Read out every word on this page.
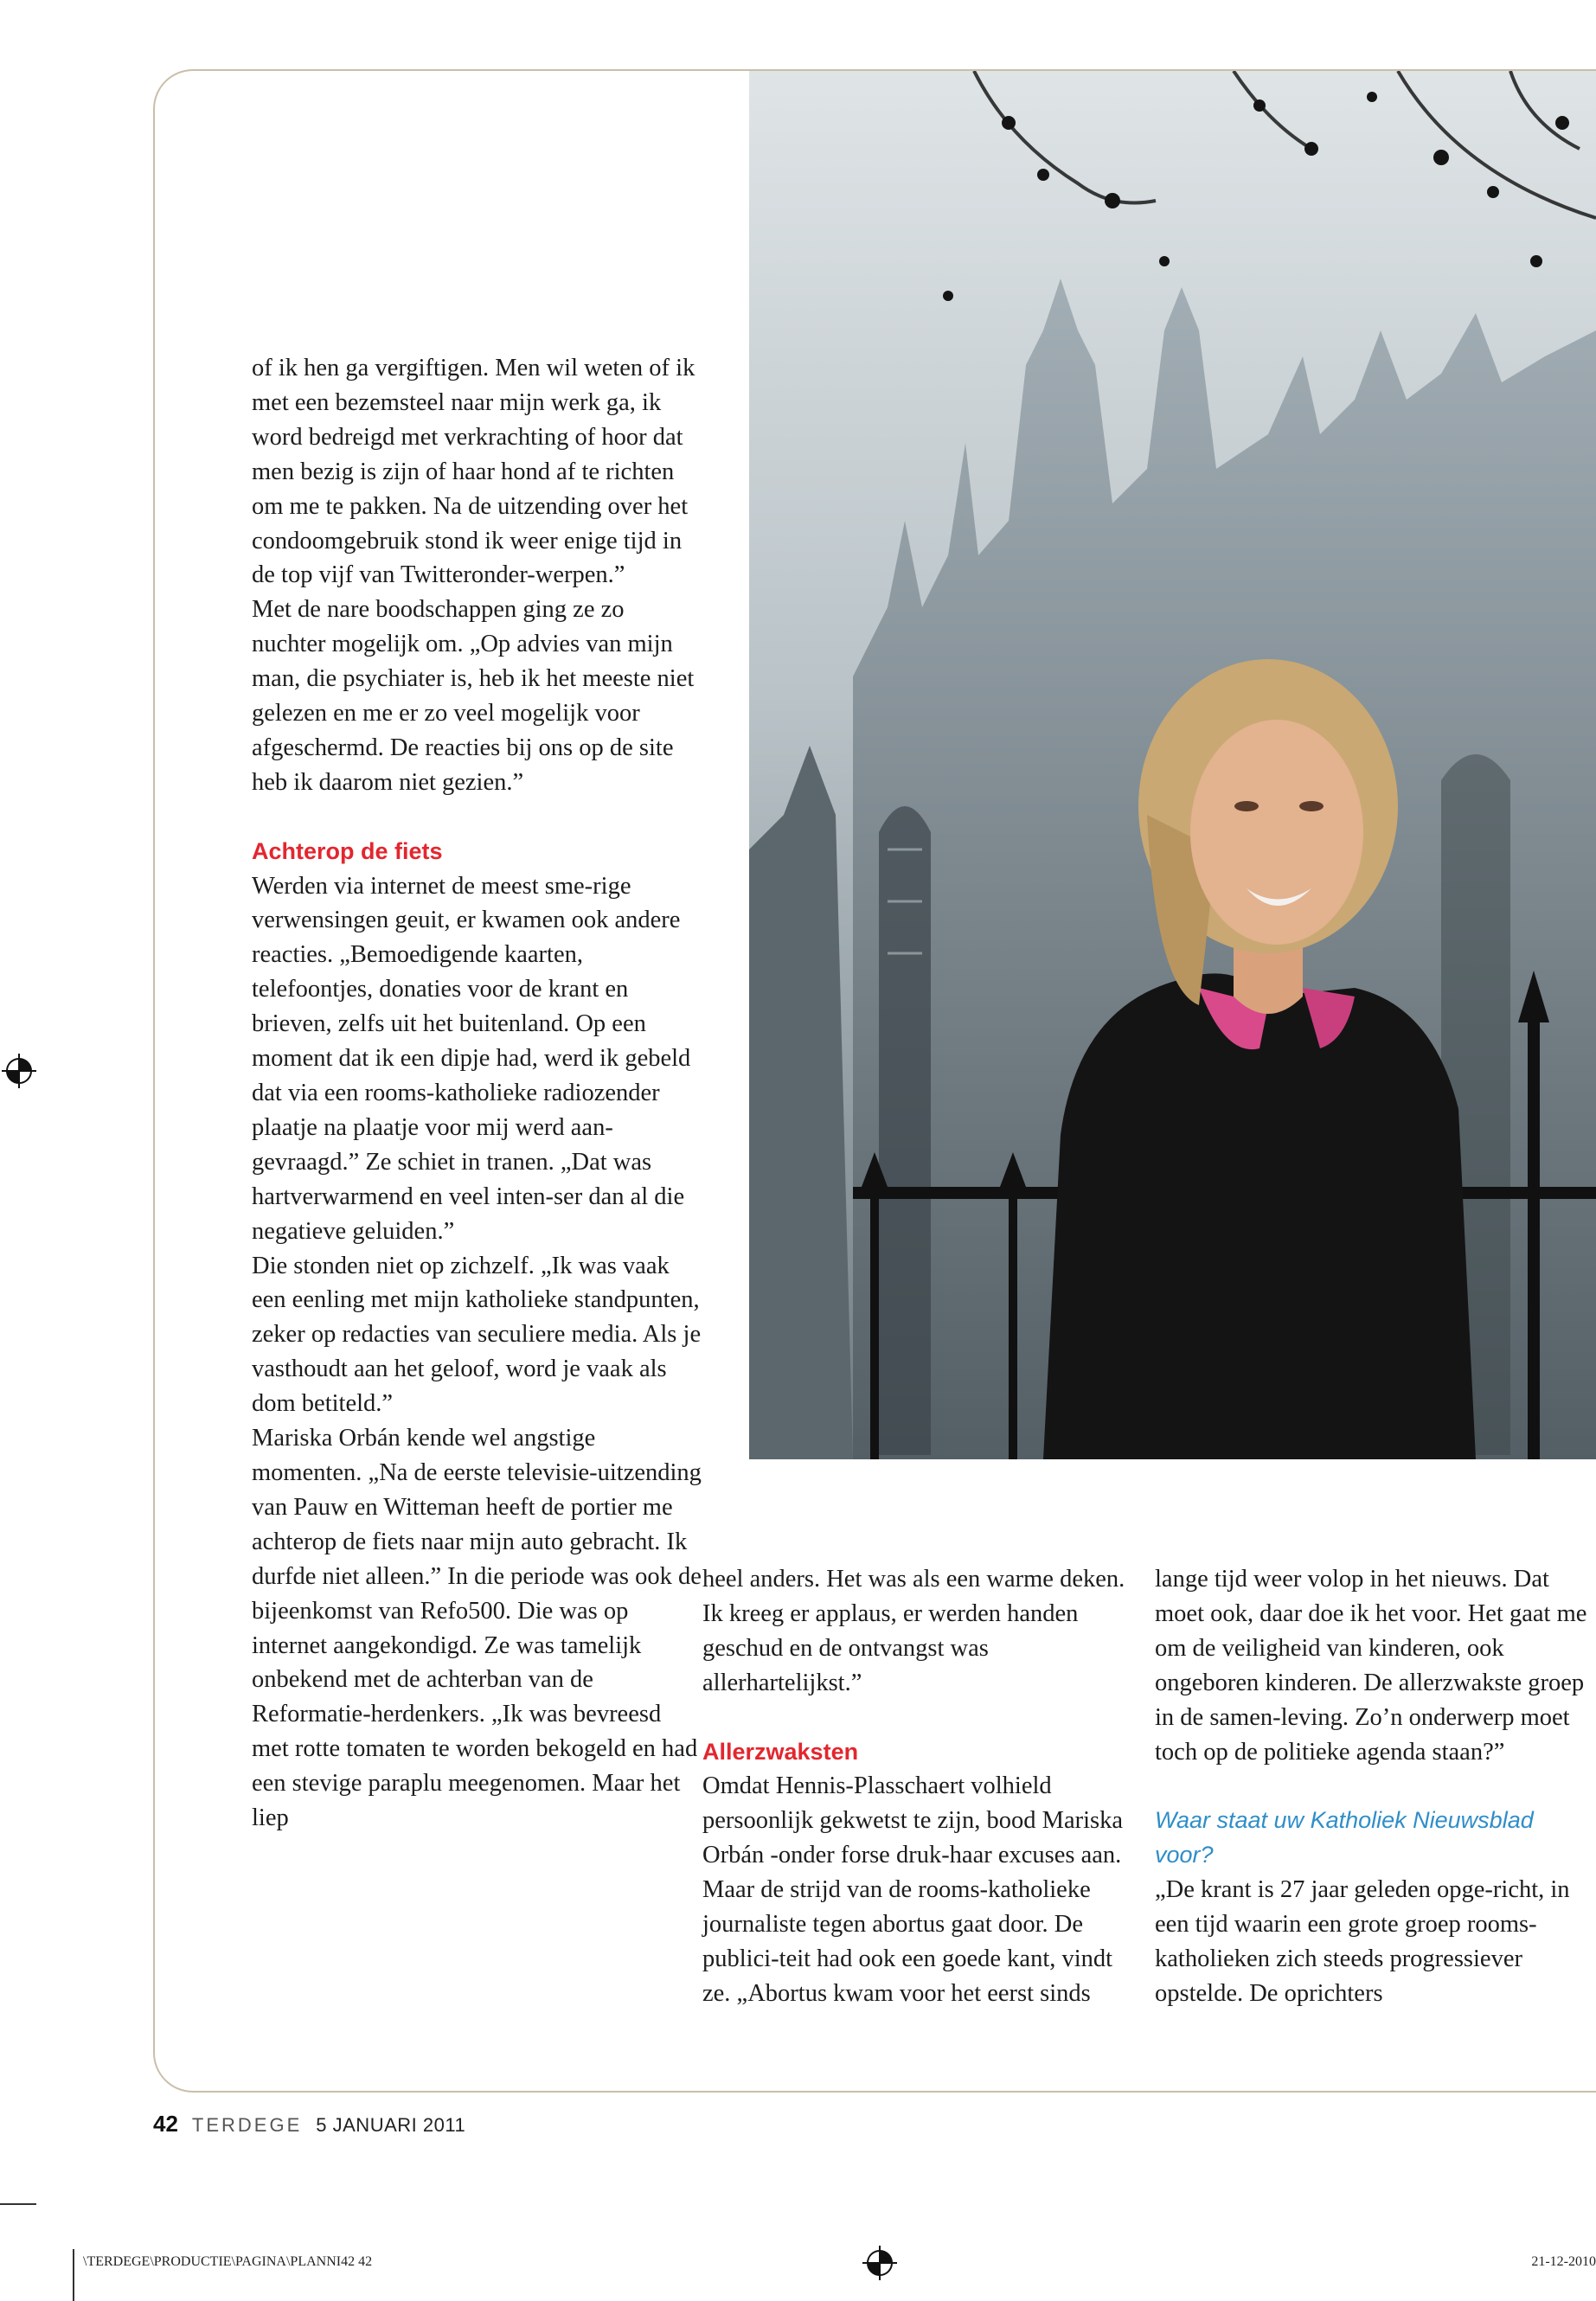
of ik hen ga vergiftigen. Men wil weten of ik met een bezemsteel naar mijn werk ga, ik word bedreigd met verkrachting of hoor dat men bezig is zijn of haar hond af te richten om me te pakken. Na de uitzending over het condoomgebruik stond ik weer enige tijd in de top vijf van Twitteronder-werpen.”

Met de nare boodschappen ging ze zo nuchter mogelijk om. „Op advies van mijn man, die psychiater is, heb ik het meeste niet gelezen en me er zo veel mogelijk voor afgeschermd. De reacties bij ons op de site heb ik daarom niet gezien.”

Achterop de fiets

Werden via internet de meest sme-rige verwensingen geuit, er kwamen ook andere reacties. „Bemoedigende kaarten, telefoontjes, donaties voor de krant en brieven, zelfs uit het buitenland. Op een moment dat ik een dipje had, werd ik gebeld dat via een rooms-katholieke radiozender plaatje na plaatje voor mij werd aan-gevraagd.” Ze schiet in tranen. „Dat was hartverwarmend en veel inten-ser dan al die negatieve geluiden.”

Die stonden niet op zichzelf. „Ik was vaak een eenling met mijn katholieke standpunten, zeker op redacties van seculiere media. Als je vasthoudt aan het geloof, word je vaak als dom betiteld.”

Mariska Orbán kende wel angstige momenten. „Na de eerste televisie-uitzending van Pauw en Witteman heeft de portier me achterop de fiets naar mijn auto gebracht. Ik durfde niet alleen.” In die periode was ook de bijeenkomst van Refo500. Die was op internet aangekondigd. Ze was tamelijk onbekend met de achterban van de Reformatie-herdenkers. „Ik was bevreesd met rotte tomaten te worden bekogeld en had een stevige paraplu meegenomen. Maar het liep

heel anders. Het was als een warme deken. Ik kreeg er applaus, er werden handen geschud en de ontvangst was allerhartelijkst.”

Allerzwaksten

Omdat Hennis-Plasschaert volhield persoonlijk gekwetst te zijn, bood Mariska Orbán -onder forse druk-haar excuses aan. Maar de strijd van de rooms-katholieke journaliste tegen abortus gaat door. De publici-teit had ook een goede kant, vindt ze. „Abortus kwam voor het eerst sinds

lange tijd weer volop in het nieuws. Dat moet ook, daar doe ik het voor. Het gaat me om de veiligheid van kinderen, ook ongeboren kinderen. De allerzwakste groep in de samen-leving. Zo’n onderwerp moet toch op de politieke agenda staan?”

Waar staat uw Katholiek Nieuwsblad voor?

„De krant is 27 jaar geleden opge-richt, in een tijd waarin een grote groep rooms-katholieken zich steeds progressiever opstelde. De oprichters

42 TERDEGE 5 JANUARI 2011
\TERDEGE\PRODUCTIE\PAGINA\PLANNI42 42	21-12-2010
